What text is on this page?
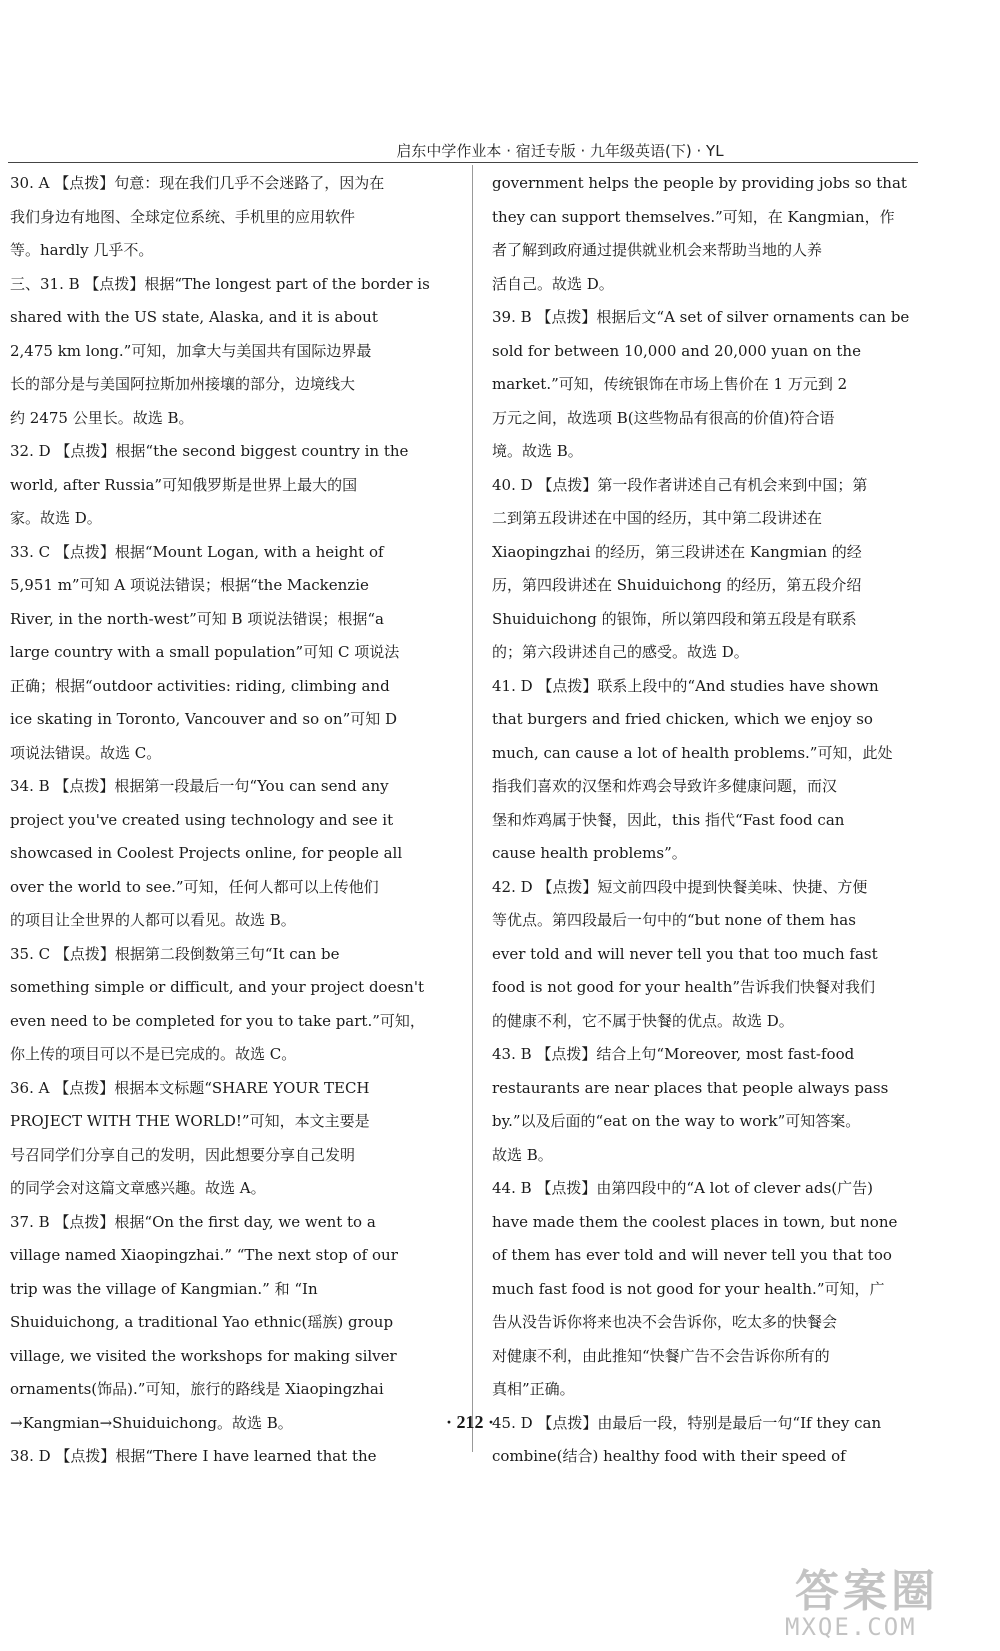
启东中学作业本 · 宿迁专版 · 九年级英语(下) · YL
30. A 【点拨】句意：现在我们几乎不会迷路了，因为在
我们身边有地图、全球定位系统、手机里的应用软件
等。hardly 几乎不。
三、31. B 【点拨】根据“The longest part of the border is
shared with the US state, Alaska, and it is about
2,475 km long.”可知，加拿大与美国共有国际边界最
长的部分是与美国阿拉斯加州接壤的部分，边境线大
约 2475 公里长。故选 B。
32. D 【点拨】根据“the second biggest country in the
world, after Russia”可知俄罗斯是世界上最大的国
家。故选 D。
33. C 【点拨】根据“Mount Logan, with a height of
5,951 m”可知 A 项说法错误；根据“the Mackenzie
River, in the north-west”可知 B 项说法错误；根据“a
large country with a small population”可知 C 项说法
正确；根据“outdoor activities: riding, climbing and
ice skating in Toronto, Vancouver and so on”可知 D
项说法错误。故选 C。
34. B 【点拨】根据第一段最后一句“You can send any
project you've created using technology and see it
showcased in Coolest Projects online, for people all
over the world to see.”可知，任何人都可以上传他们
的项目让全世界的人都可以看见。故选 B。
35. C 【点拨】根据第二段倒数第三句“It can be
something simple or difficult, and your project doesn't
even need to be completed for you to take part.”可知，
你上传的项目可以不是已完成的。故选 C。
36. A 【点拨】根据本文标题“SHARE YOUR TECH
PROJECT WITH THE WORLD!”可知，本文主要是
号召同学们分享自己的发明，因此想要分享自己发明
的同学会对这篇文章感兴趣。故选 A。
37. B 【点拨】根据“On the first day, we went to a
village named Xiaopingzhai.” “The next stop of our
trip was the village of Kangmian.” 和 “In
Shuiduichong, a traditional Yao ethnic(瑶族) group
village, we visited the workshops for making silver
ornaments(饰品).”可知，旅行的路线是 Xiaopingzhai
→Kangmian→Shuiduichong。故选 B。
38. D 【点拨】根据“There I have learned that the
government helps the people by providing jobs so that
they can support themselves.”可知，在 Kangmian，作
者了解到政府通过提供就业机会来帮助当地的人养
活自己。故选 D。
39. B 【点拨】根据后文“A set of silver ornaments can be
sold for between 10,000 and 20,000 yuan on the
market.”可知，传统银饰在市场上售价在 1 万元到 2
万元之间，故选项 B(这些物品有很高的价值)符合语
境。故选 B。
40. D 【点拨】第一段作者讲述自己有机会来到中国；第
二到第五段讲述在中国的经历，其中第二段讲述在
Xiaopingzhai 的经历，第三段讲述在 Kangmian 的经
历，第四段讲述在 Shuiduichong 的经历，第五段介绍
Shuiduichong 的银饰，所以第四段和第五段是有联系
的；第六段讲述自己的感受。故选 D。
41. D 【点拨】联系上段中的“And studies have shown
that burgers and fried chicken, which we enjoy so
much, can cause a lot of health problems.”可知，此处
指我们喜欢的汉堡和炸鸡会导致许多健康问题，而汉
堡和炸鸡属于快餐，因此，this 指代“Fast food can
cause health problems”。
42. D 【点拨】短文前四段中提到快餐美味、快捷、方便
等优点。第四段最后一句中的“but none of them has
ever told and will never tell you that too much fast
food is not good for your health”告诉我们快餐对我们
的健康不利，它不属于快餐的优点。故选 D。
43. B 【点拨】结合上句“Moreover, most fast-food
restaurants are near places that people always pass
by.”以及后面的“eat on the way to work”可知答案。
故选 B。
44. B 【点拨】由第四段中的“A lot of clever ads(广告)
have made them the coolest places in town, but none
of them has ever told and will never tell you that too
much fast food is not good for your health.”可知，广
告从没告诉你将来也决不会告诉你，吃太多的快餐会
对健康不利，由此推知“快餐广告不会告诉你所有的
真相”正确。
45. D 【点拨】由最后一段，特别是最后一句“If they can
combine(结合) healthy food with their speed of
· 212 ·
答案圈
MXQE.COM
